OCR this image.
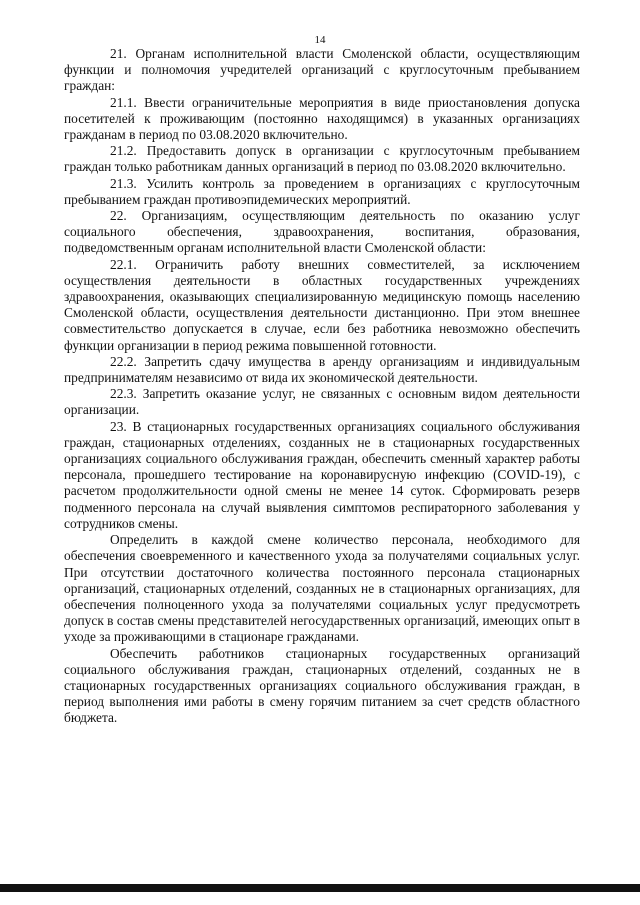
14

21. Органам исполнительной власти Смоленской области, осуществляющим функции и полномочия учредителей организаций с круглосуточным пребыванием граждан:

21.1. Ввести ограничительные мероприятия в виде приостановления допуска посетителей к проживающим (постоянно находящимся) в указанных организациях гражданам в период по 03.08.2020 включительно.

21.2. Предоставить допуск в организации с круглосуточным пребыванием граждан только работникам данных организаций в период по 03.08.2020 включительно.

21.3. Усилить контроль за проведением в организациях с круглосуточным пребыванием граждан противоэпидемических мероприятий.

22. Организациям, осуществляющим деятельность по оказанию услуг социального обеспечения, здравоохранения, воспитания, образования, подведомственным органам исполнительной власти Смоленской области:

22.1. Ограничить работу внешних совместителей, за исключением осуществления деятельности в областных государственных учреждениях здравоохранения, оказывающих специализированную медицинскую помощь населению Смоленской области, осуществления деятельности дистанционно. При этом внешнее совместительство допускается в случае, если без работника невозможно обеспечить функции организации в период режима повышенной готовности.

22.2. Запретить сдачу имущества в аренду организациям и индивидуальным предпринимателям независимо от вида их экономической деятельности.

22.3. Запретить оказание услуг, не связанных с основным видом деятельности организации.

23. В стационарных государственных организациях социального обслуживания граждан, стационарных отделениях, созданных не в стационарных государственных организациях социального обслуживания граждан, обеспечить сменный характер работы персонала, прошедшего тестирование на коронавирусную инфекцию (COVID-19), с расчетом продолжительности одной смены не менее 14 суток. Сформировать резерв подменного персонала на случай выявления симптомов респираторного заболевания у сотрудников смены.

Определить в каждой смене количество персонала, необходимого для обеспечения своевременного и качественного ухода за получателями социальных услуг. При отсутствии достаточного количества постоянного персонала стационарных организаций, стационарных отделений, созданных не в стационарных организациях, для обеспечения полноценного ухода за получателями социальных услуг предусмотреть допуск в состав смены представителей негосударственных организаций, имеющих опыт в уходе за проживающими в стационаре гражданами.

Обеспечить работников стационарных государственных организаций социального обслуживания граждан, стационарных отделений, созданных не в стационарных государственных организациях социального обслуживания граждан, в период выполнения ими работы в смену горячим питанием за счет средств областного бюджета.
